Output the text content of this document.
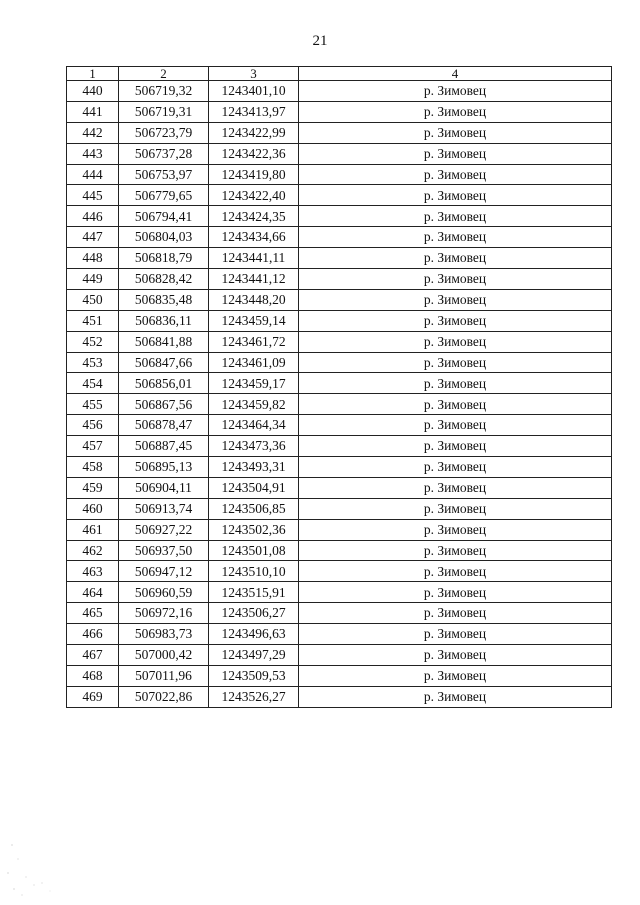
21
1	2	3	4
440	506719,32	1243401,10	р. Зимовец
441	506719,31	1243413,97	р. Зимовец
442	506723,79	1243422,99	р. Зимовец
443	506737,28	1243422,36	р. Зимовец
444	506753,97	1243419,80	р. Зимовец
445	506779,65	1243422,40	р. Зимовец
446	506794,41	1243424,35	р. Зимовец
447	506804,03	1243434,66	р. Зимовец
448	506818,79	1243441,11	р. Зимовец
449	506828,42	1243441,12	р. Зимовец
450	506835,48	1243448,20	р. Зимовец
451	506836,11	1243459,14	р. Зимовец
452	506841,88	1243461,72	р. Зимовец
453	506847,66	1243461,09	р. Зимовец
454	506856,01	1243459,17	р. Зимовец
455	506867,56	1243459,82	р. Зимовец
456	506878,47	1243464,34	р. Зимовец
457	506887,45	1243473,36	р. Зимовец
458	506895,13	1243493,31	р. Зимовец
459	506904,11	1243504,91	р. Зимовец
460	506913,74	1243506,85	р. Зимовец
461	506927,22	1243502,36	р. Зимовец
462	506937,50	1243501,08	р. Зимовец
463	506947,12	1243510,10	р. Зимовец
464	506960,59	1243515,91	р. Зимовец
465	506972,16	1243506,27	р. Зимовец
466	506983,73	1243496,63	р. Зимовец
467	507000,42	1243497,29	р. Зимовец
468	507011,96	1243509,53	р. Зимовец
469	507022,86	1243526,27	р. Зимовец
